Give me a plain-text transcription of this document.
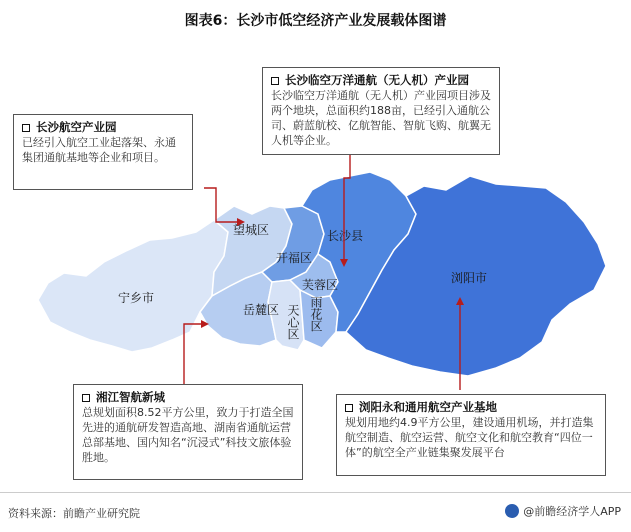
图表6：长沙市低空经济产业发展载体图谱
宁乡市
望城区
开福区
长沙县
浏阳市
芙蓉区
岳麓区 天心区 雨花区
长沙航空产业园
已经引入航空工业起落架、永通集团通航基地等企业和项目。
长沙临空万洋通航（无人机）产业园
长沙临空万洋通航（无人机）产业园项目涉及两个地块，总面积约188亩，已经引入通航公司、蔚蓝航校、亿航智能、智航飞购、航翼无人机等企业。
湘江智航新城
总规划面积8.52平方公里，致力于打造全国先进的通航研发智造高地、湖南省通航运营总部基地、国内知名“沉浸式”科技文旅体验胜地。
浏阳永和通用航空产业基地
规划用地约4.9平方公里，建设通用机场，并打造集航空制造、航空运营、航空文化和航空教育“四位一体”的航空全产业链集聚发展平台
资料来源：前瞻产业研究院	@前瞻经济学人APP
